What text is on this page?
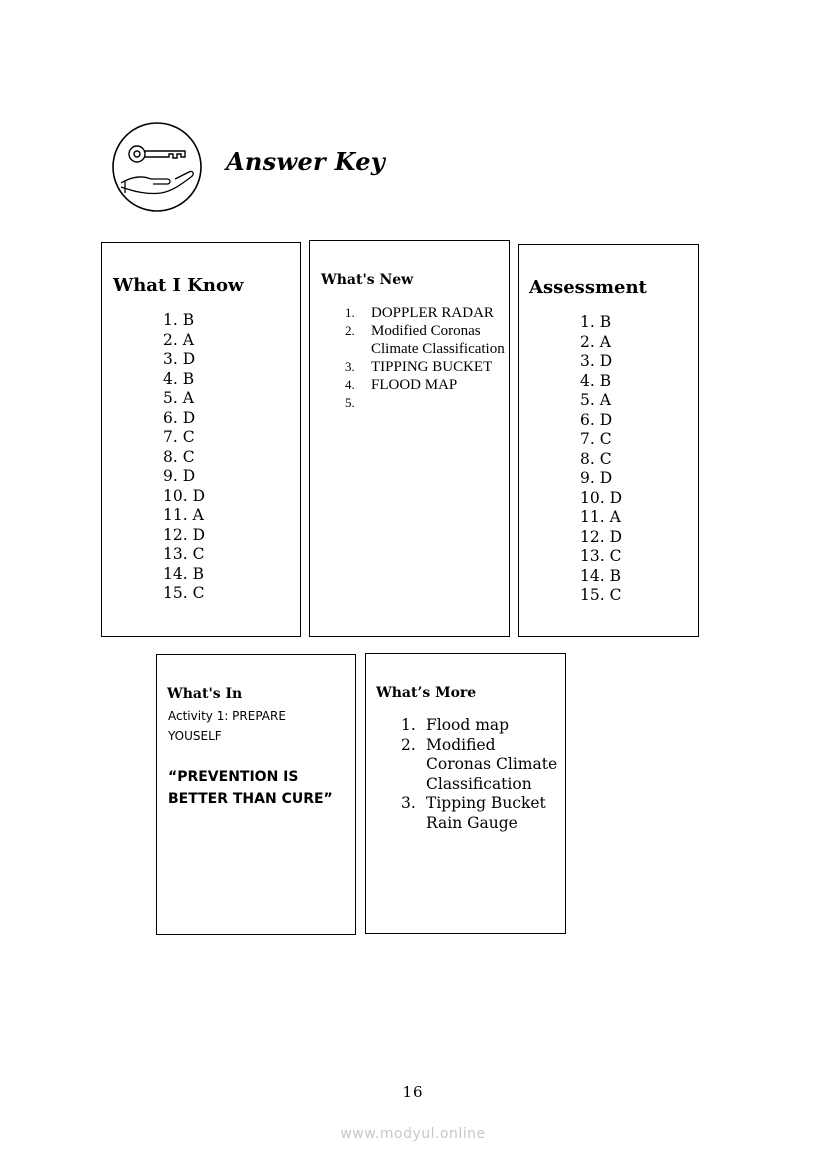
Answer Key
What I Know
1. B
2. A
3. D
4. B
5. A
6. D
7. C
8. C
9. D
10. D
11. A
12. D
13. C
14. B
15. C
What's New
1. DOPPLER RADAR
2. Modified Coronas Climate Classification
3. TIPPING BUCKET
4. FLOOD MAP
5.
Assessment
1. B
2. A
3. D
4. B
5. A
6. D
7. C
8. C
9. D
10. D
11. A
12. D
13. C
14. B
15. C
What's In
Activity 1: PREPARE
YOUSELF
“PREVENTION IS BETTER THAN CURE”
What’s More
1. Flood map
2. Modified Coronas Climate Classification
3. Tipping Bucket Rain Gauge
16
www.modyul.online
